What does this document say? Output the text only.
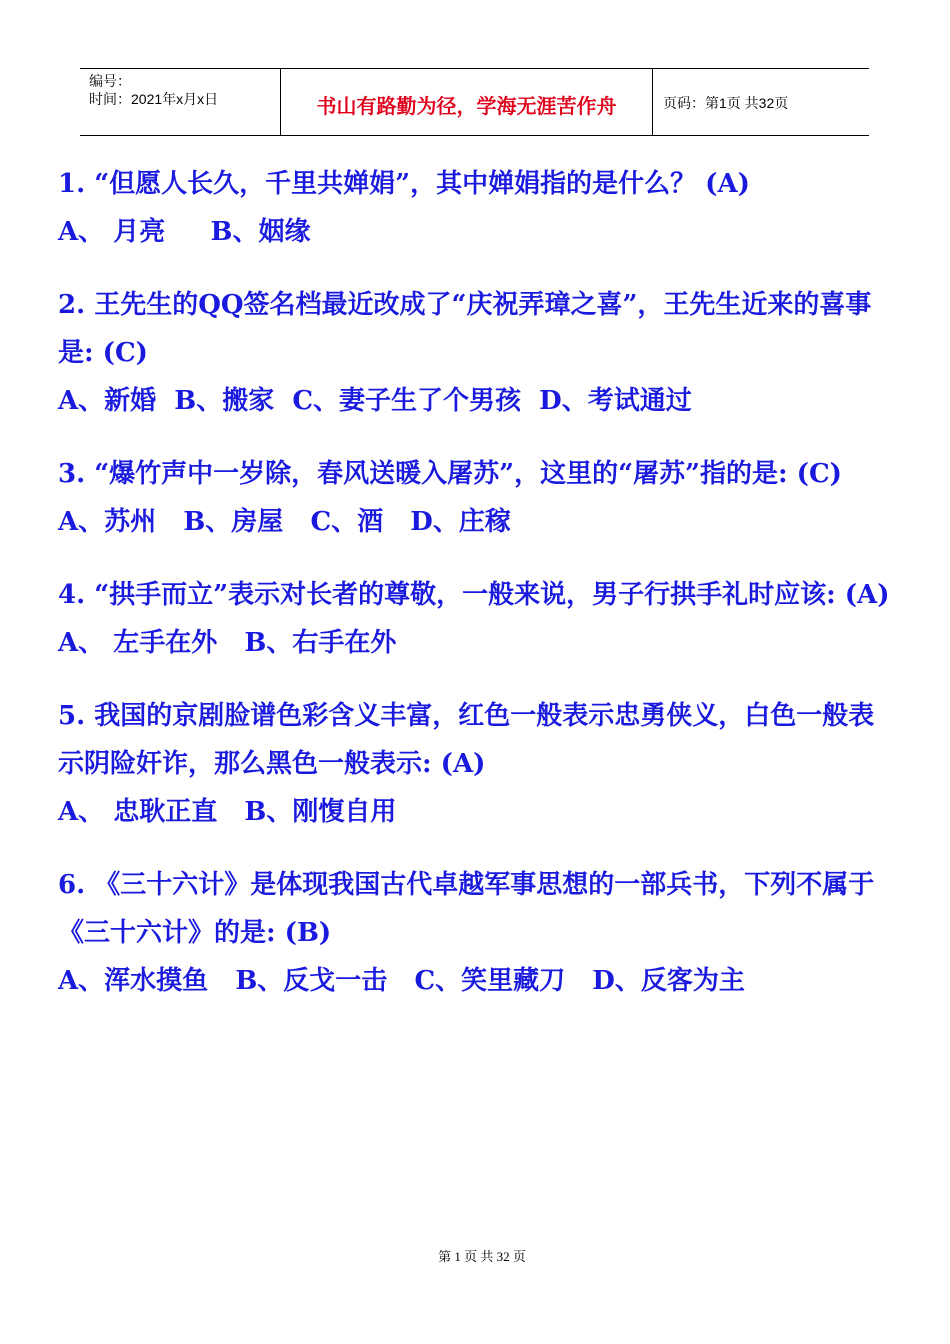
编号：
时间：2021年x月x日	书山有路勤为径，学海无涯苦作舟	页码：第1页 共32页

1. “但愿人长久，千里共婵娟”，其中婵娟指的是什么？ (A)

A、 月亮     B、姻缘

2. 王先生的QQ签名档最近改成了“庆祝弄璋之喜”，王先生近来的喜事是: (C)

A、新婚  B、搬家  C、妻子生了个男孩  D、考试通过

3. “爆竹声中一岁除，春风送暖入屠苏”，这里的“屠苏”指的是: (C)

A、苏州   B、房屋   C、酒   D、庄稼

4. “拱手而立”表示对长者的尊敬，一般来说，男子行拱手礼时应该: (A)

A、 左手在外   B、右手在外

5. 我国的京剧脸谱色彩含义丰富，红色一般表示忠勇侠义，白色一般表示阴险奸诈，那么黑色一般表示: (A)

A、 忠耿正直   B、刚愎自用

6. 《三十六计》是体现我国古代卓越军事思想的一部兵书，下列不属于《三十六计》的是: (B)

A、浑水摸鱼   B、反戈一击   C、笑里藏刀   D、反客为主

第 1 页 共 32 页
